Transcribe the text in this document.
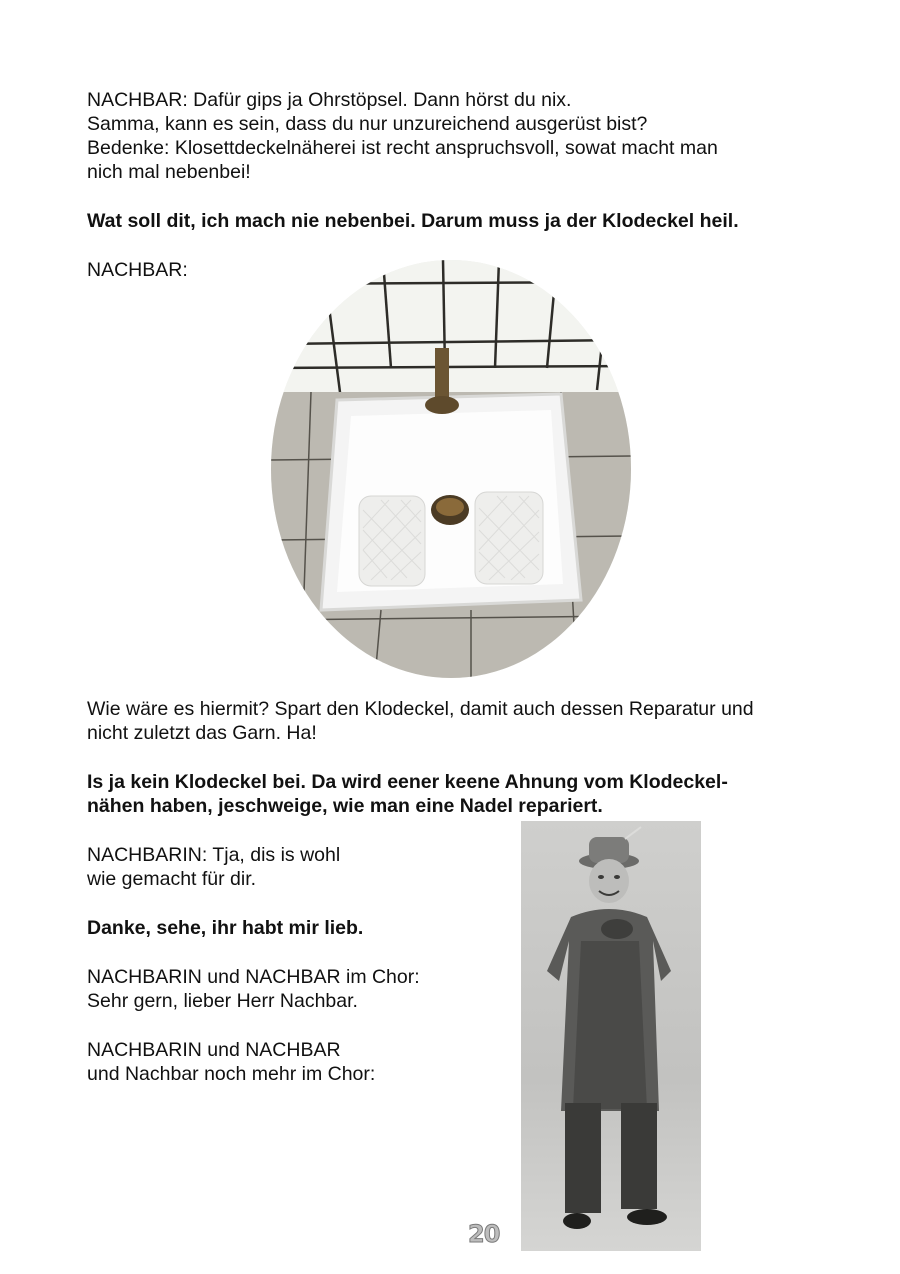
NACHBAR: Dafür gips ja Ohrstöpsel. Dann hörst du nix.

Samma, kann es sein, dass du nur unzureichend ausgerüst bist?

Bedenke: Klosettdeckelnäherei ist recht anspruchsvoll, sowat macht man

nich mal nebenbei!

Wat soll dit, ich mach nie nebenbei. Darum muss ja der Klodeckel heil.

NACHBAR:

Wie wäre es hiermit? Spart den Klodeckel, damit auch dessen Reparatur und

nicht zuletzt das Garn. Ha!

Is ja kein Klodeckel bei. Da wird eener keene Ahnung vom Klodeckel-

nähen haben, jeschweige, wie man eine Nadel repariert.

NACHBARIN: Tja, dis is wohl

wie gemacht für dir.

Danke, sehe, ihr habt mir lieb.

NACHBARIN und NACHBAR im Chor:

Sehr gern, lieber Herr Nachbar.

NACHBARIN und NACHBAR

und Nachbar noch mehr im Chor:

20
